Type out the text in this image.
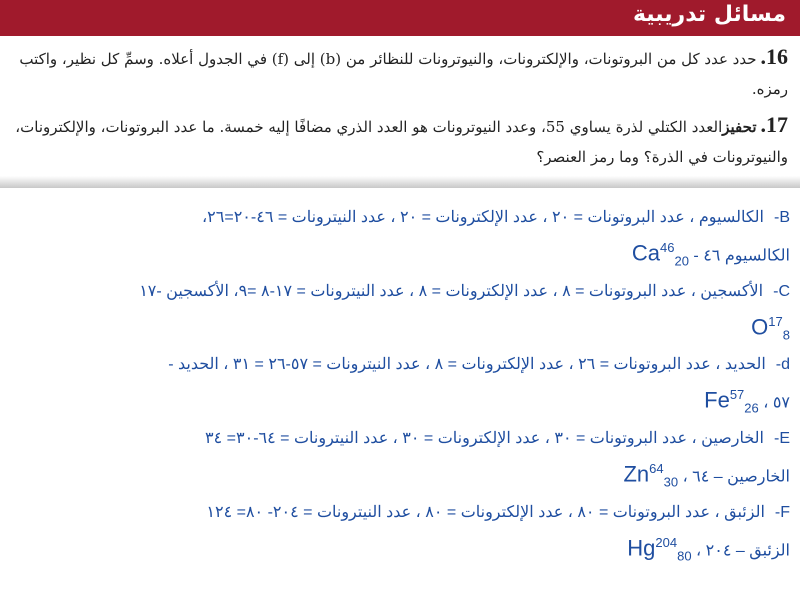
مسائل تدريبية
16.حدد عدد كل من البروتونات، والإلكترونات، والنيوترونات للنظائر من (b) إلى (f) في الجدول أعلاه. وسمِّ كل نظير، واكتب رمزه.
17.تحفيزالعدد الكتلي لذرة يساوي 55، وعدد النيوترونات هو العدد الذري مضافًا إليه خمسة. ما عدد البروتونات، والإلكترونات، والنيوترونات في الذرة؟ وما رمز العنصر؟
B-الكالسيوم ، عدد البروتونات = ٢٠ ، عدد الإلكترونات = ٢٠ ، عدد النيترونات = ٤٦-٢٠=٢٦،
الكالسيوم ٤٦ - $Ca^{46}_{20}$
C-الأكسجين ، عدد البروتونات = ٨ ، عدد الإلكترونات = ٨ ، عدد النيترونات = ١٧-٨ =٩، الأكسجين -١٧
$O^{17}_8$
d-الحديد ، عدد البروتونات = ٢٦ ، عدد الإلكترونات = ٨ ، عدد النيترونات = ٥٧-٢٦ = ٣١ ، الحديد -
٥٧ ، $Fe^{57}_{26}$
E-الخارصين ، عدد البروتونات = ٣٠ ، عدد الإلكترونات = ٣٠ ، عدد النيترونات = ٦٤-٣٠= ٣٤
الخارصين – ٦٤ ، $Zn^{64}_{30}$
F-الزئبق ، عدد البروتونات = ٨٠ ، عدد الإلكترونات = ٨٠ ، عدد النيترونات = ٢٠٤- ٨٠= ١٢٤
الزئبق – ٢٠٤ ، $Hg^{204}_{80}$
